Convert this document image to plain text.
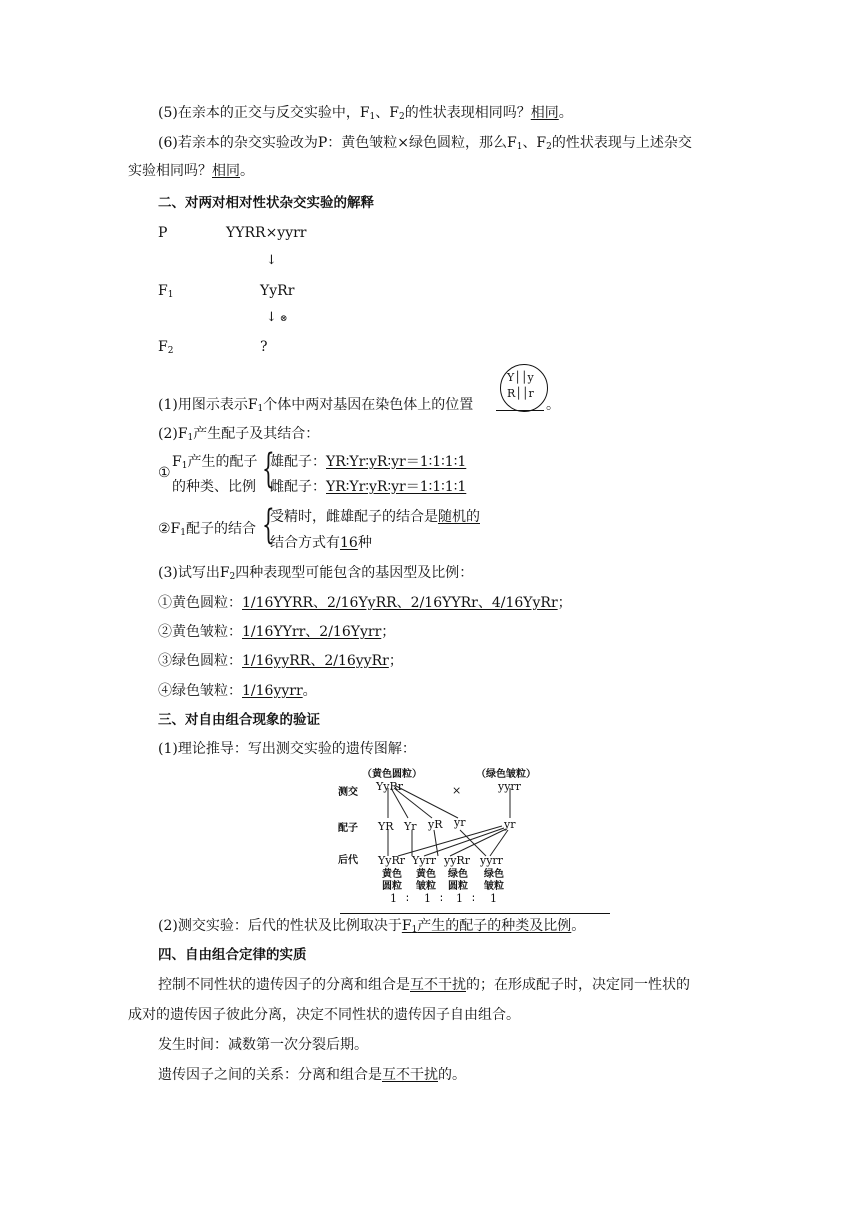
(5)在亲本的正交与反交实验中，$F_1$、$F_2$的性状表现相同吗？相同。
(6)若亲本的杂交实验改为P：黄色皱粒×绿色圆粒，那么$F_1$、$F_2$的性状表现与上述杂交
实验相同吗？相同。
二、对两对相对性状杂交实验的解释
P	YYRR×yyrr
↓
$F_1$	YyRr
↓ ⊗
$F_2$	?
(1)用图示表示$F_1$个体中两对基因在染色体上的位置
Y││y
R││r
。
$(2)F_1$产生配子及其结合：
①
$F_1$产生的配子
的种类、比例 {
雄配子：YR∶Yr∶yR∶yr＝1∶1∶1∶1
雌配子：YR∶Yr∶yR∶yr＝1∶1∶1∶1
$②F_1$配子的结合 {
受精时，雌雄配子的结合是随机的
结合方式有16种
(3)试写出$F_2$四种表现型可能包含的基因型及比例：
①黄色圆粒：1/16YYRR、2/16YyRR、2/16YYRr、4/16YyRr；
②黄色皱粒：1/16YYrr、2/16Yyrr；
③绿色圆粒：1/16yyRR、2/16yyRr；
④绿色皱粒：1/16yyrr。
三、对自由组合现象的验证
(1)理论推导：写出测交实验的遗传图解：
测交
配子
后代
（黄色圆粒）
YyRr	×
（绿色皱粒）
yyrr
YR Yr yR yr	yr
YyRr Yyrr yyRr yyrr
黄色 黄色 绿色 绿色
圆粒 皱粒 圆粒 皱粒
1 ∶ 1 ∶ 1 ∶ 1
(2)测交实验：后代的性状及比例取决于$F_1$产生的配子的种类及比例。
四、自由组合定律的实质
控制不同性状的遗传因子的分离和组合是互不干扰的；在形成配子时，决定同一性状的
成对的遗传因子彼此分离，决定不同性状的遗传因子自由组合。
发生时间：减数第一次分裂后期。
遗传因子之间的关系：分离和组合是互不干扰的。
